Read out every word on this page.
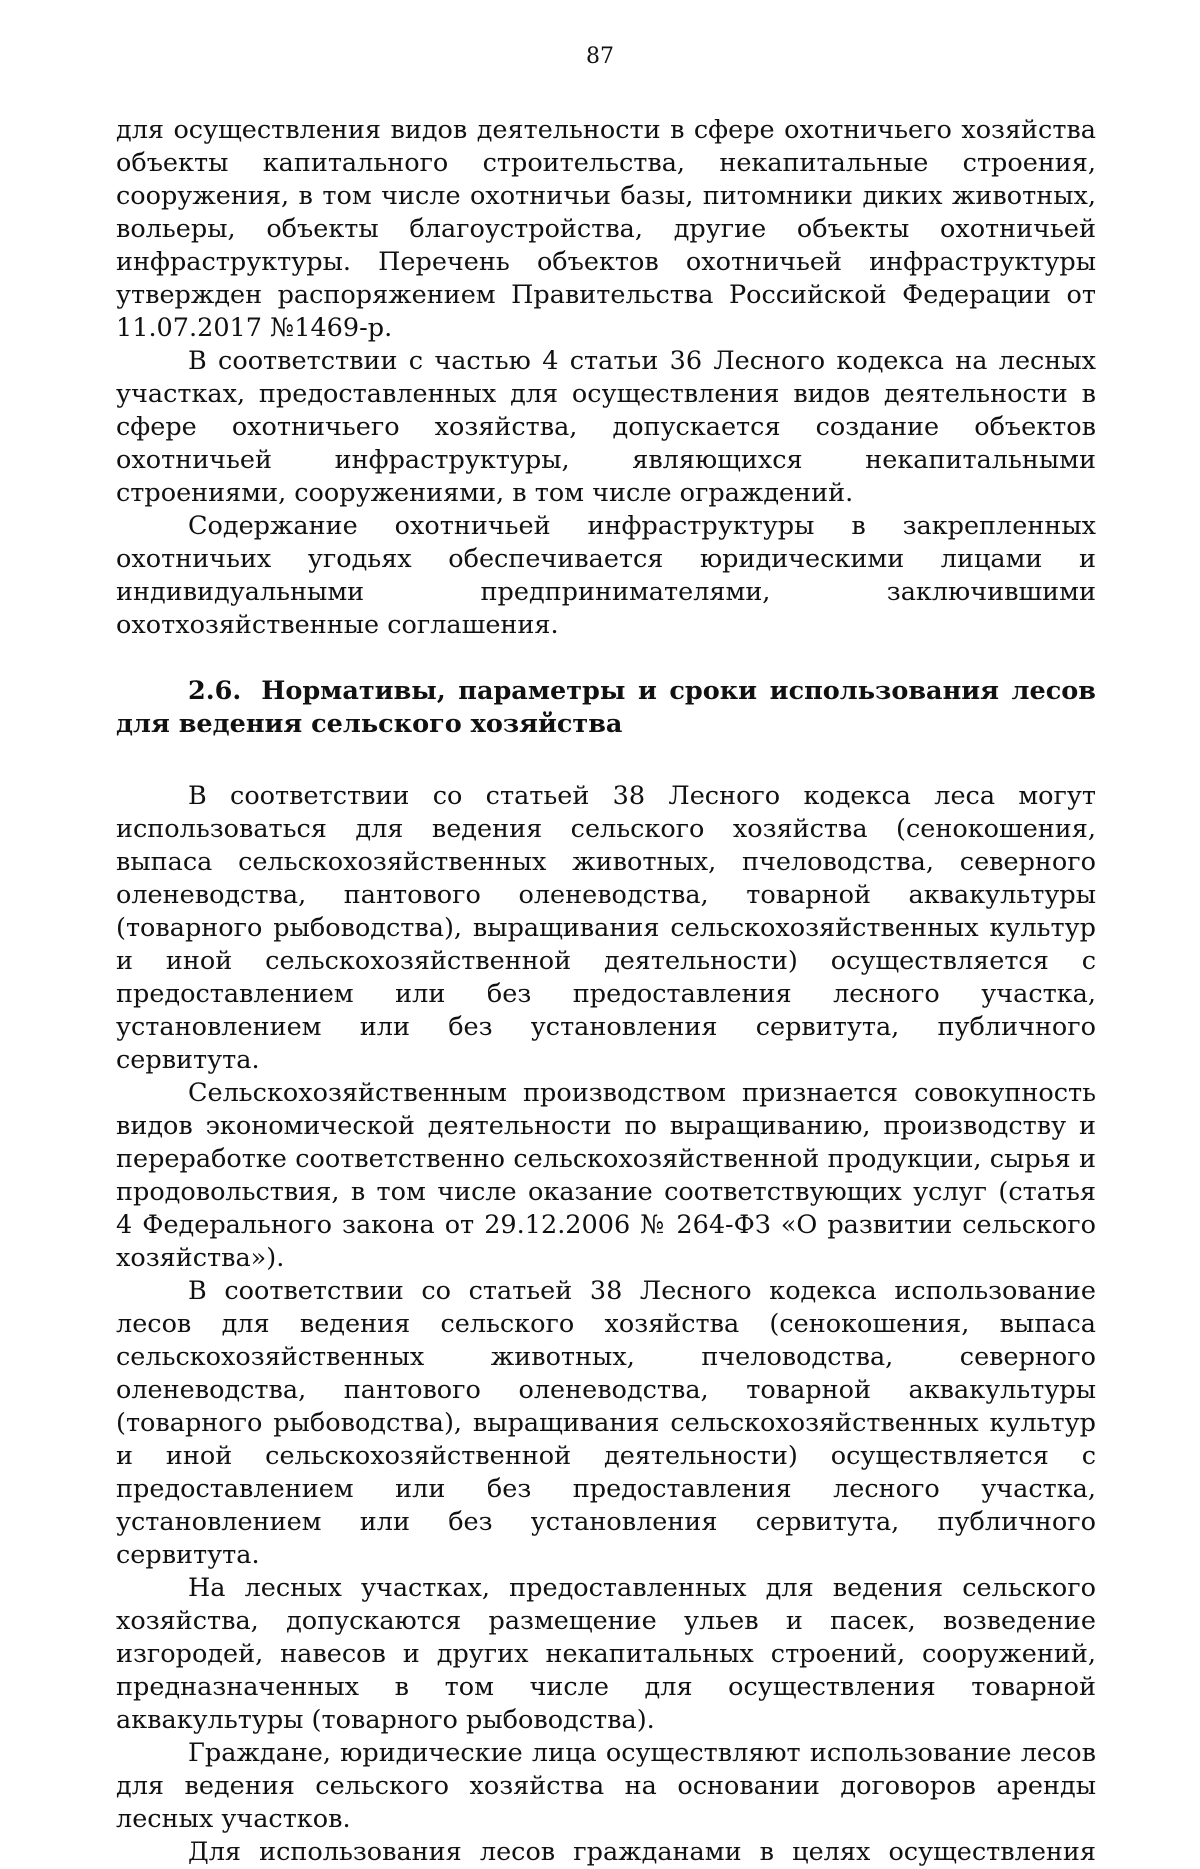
87

для осуществления видов деятельности в сфере охотничьего хозяйства объекты капитального строительства, некапитальные строения, сооружения, в том числе охотничьи базы, питомники диких животных, вольеры, объекты благоустройства, другие объекты охотничьей инфраструктуры. Перечень объектов охотничьей инфраструктуры утвержден распоряжением Правительства Российской Федерации от 11.07.2017 №1469-р.

В соответствии с частью 4 статьи 36 Лесного кодекса на лесных участках, предоставленных для осуществления видов деятельности в сфере охотничьего хозяйства, допускается создание объектов охотничьей инфраструктуры, являющихся некапитальными строениями, сооружениями, в том числе ограждений.

Содержание охотничьей инфраструктуры в закрепленных охотничьих угодьях обеспечивается юридическими лицами и индивидуальными предпринимателями, заключившими охотхозяйственные соглашения.

2.6. Нормативы, параметры и сроки использования лесов для ведения сельского хозяйства

В соответствии со статьей 38 Лесного кодекса леса могут использоваться для ведения сельского хозяйства (сенокошения, выпаса сельскохозяйственных животных, пчеловодства, северного оленеводства, пантового оленеводства, товарной аквакультуры (товарного рыбоводства), выращивания сельскохозяйственных культур и иной сельскохозяйственной деятельности) осуществляется с предоставлением или без предоставления лесного участка, установлением или без установления сервитута, публичного сервитута.

Сельскохозяйственным производством признается совокупность видов экономической деятельности по выращиванию, производству и переработке соответственно сельскохозяйственной продукции, сырья и продовольствия, в том числе оказание соответствующих услуг (статья 4 Федерального закона от 29.12.2006 № 264-ФЗ «О развитии сельского хозяйства»).

В соответствии со статьей 38 Лесного кодекса использование лесов для ведения сельского хозяйства (сенокошения, выпаса сельскохозяйственных животных, пчеловодства, северного оленеводства, пантового оленеводства, товарной аквакультуры (товарного рыбоводства), выращивания сельскохозяйственных культур и иной сельскохозяйственной деятельности) осуществляется с предоставлением или без предоставления лесного участка, установлением или без установления сервитута, публичного сервитута.

На лесных участках, предоставленных для ведения сельского хозяйства, допускаются размещение ульев и пасек, возведение изгородей, навесов и других некапитальных строений, сооружений, предназначенных в том числе для осуществления товарной аквакультуры (товарного рыбоводства).

Граждане, юридические лица осуществляют использование лесов для ведения сельского хозяйства на основании договоров аренды лесных участков.

Для использования лесов гражданами в целях осуществления
